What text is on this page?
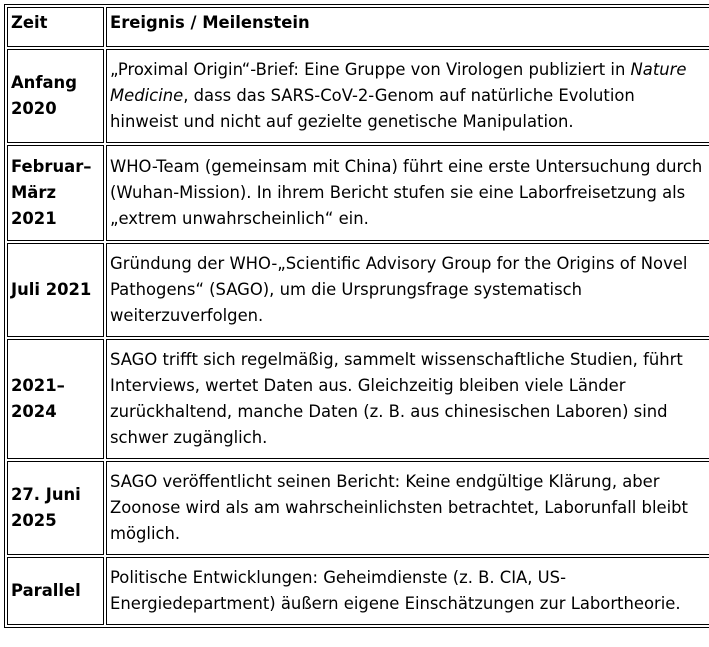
Zeit	Ereignis / Meilenstein
Anfang 2020	„Proximal Origin“-Brief: Eine Gruppe von Virologen publiziert in Nature Medicine, dass das SARS-CoV-2-Genom auf natürliche Evolution hinweist und nicht auf gezielte genetische Manipulation.
Februar–März 2021	WHO-Team (gemeinsam mit China) führt eine erste Untersuchung durch (Wuhan-Mission). In ihrem Bericht stufen sie eine Laborfreisetzung als „extrem unwahrscheinlich“ ein.
Juli 2021	Gründung der WHO-„Scientific Advisory Group for the Origins of Novel Pathogens“ (SAGO), um die Ursprungsfrage systematisch weiterzuverfolgen.
2021–2024	SAGO trifft sich regelmäßig, sammelt wissenschaftliche Studien, führt Interviews, wertet Daten aus. Gleichzeitig bleiben viele Länder zurückhaltend, manche Daten (z. B. aus chinesischen Laboren) sind schwer zugänglich.
27. Juni 2025	SAGO veröffentlicht seinen Bericht: Keine endgültige Klärung, aber Zoonose wird als am wahrscheinlichsten betrachtet, Laborunfall bleibt möglich.
Parallel	Politische Entwicklungen: Geheimdienste (z. B. CIA, US-Energiedepartment) äußern eigene Einschätzungen zur Labortheorie.
